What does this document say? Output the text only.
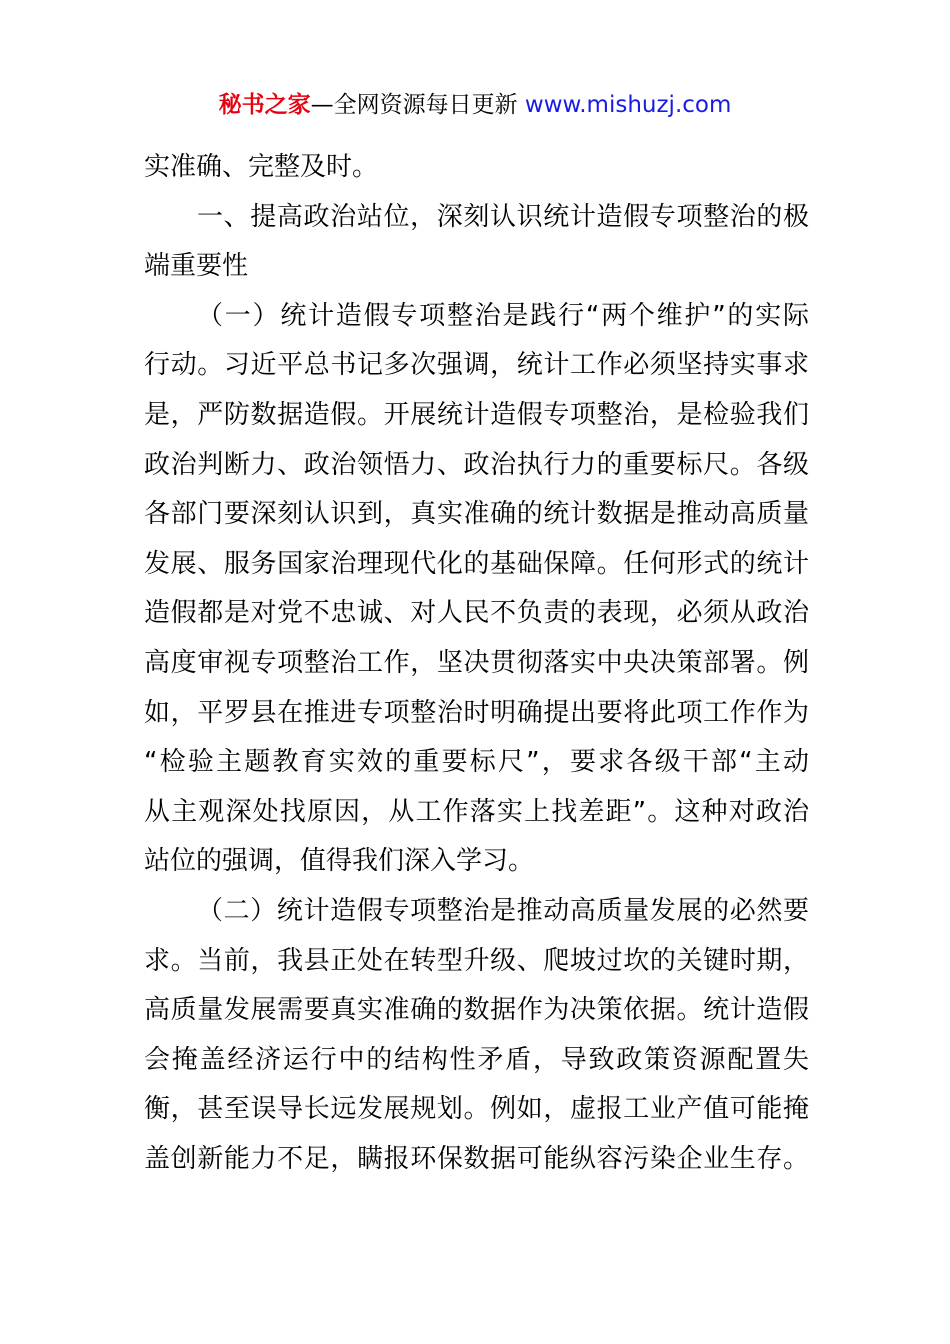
秘书之家—全网资源每日更新 www.mishuzj.com
实准确、完整及时。
一、提高政治站位，深刻认识统计造假专项整治的极
端重要性
（一）统计造假专项整治是践行“两个维护”的实际
行动。习近平总书记多次强调，统计工作必须坚持实事求
是，严防数据造假。开展统计造假专项整治，是检验我们
政治判断力、政治领悟力、政治执行力的重要标尺。各级
各部门要深刻认识到，真实准确的统计数据是推动高质量
发展、服务国家治理现代化的基础保障。任何形式的统计
造假都是对党不忠诚、对人民不负责的表现，必须从政治
高度审视专项整治工作，坚决贯彻落实中央决策部署。例
如，平罗县在推进专项整治时明确提出要将此项工作作为
“检验主题教育实效的重要标尺”，要求各级干部“主动
从主观深处找原因，从工作落实上找差距”。这种对政治
站位的强调，值得我们深入学习。
（二）统计造假专项整治是推动高质量发展的必然要
求。当前，我县正处在转型升级、爬坡过坎的关键时期，
高质量发展需要真实准确的数据作为决策依据。统计造假
会掩盖经济运行中的结构性矛盾，导致政策资源配置失
衡，甚至误导长远发展规划。例如，虚报工业产值可能掩
盖创新能力不足，瞒报环保数据可能纵容污染企业生存。
